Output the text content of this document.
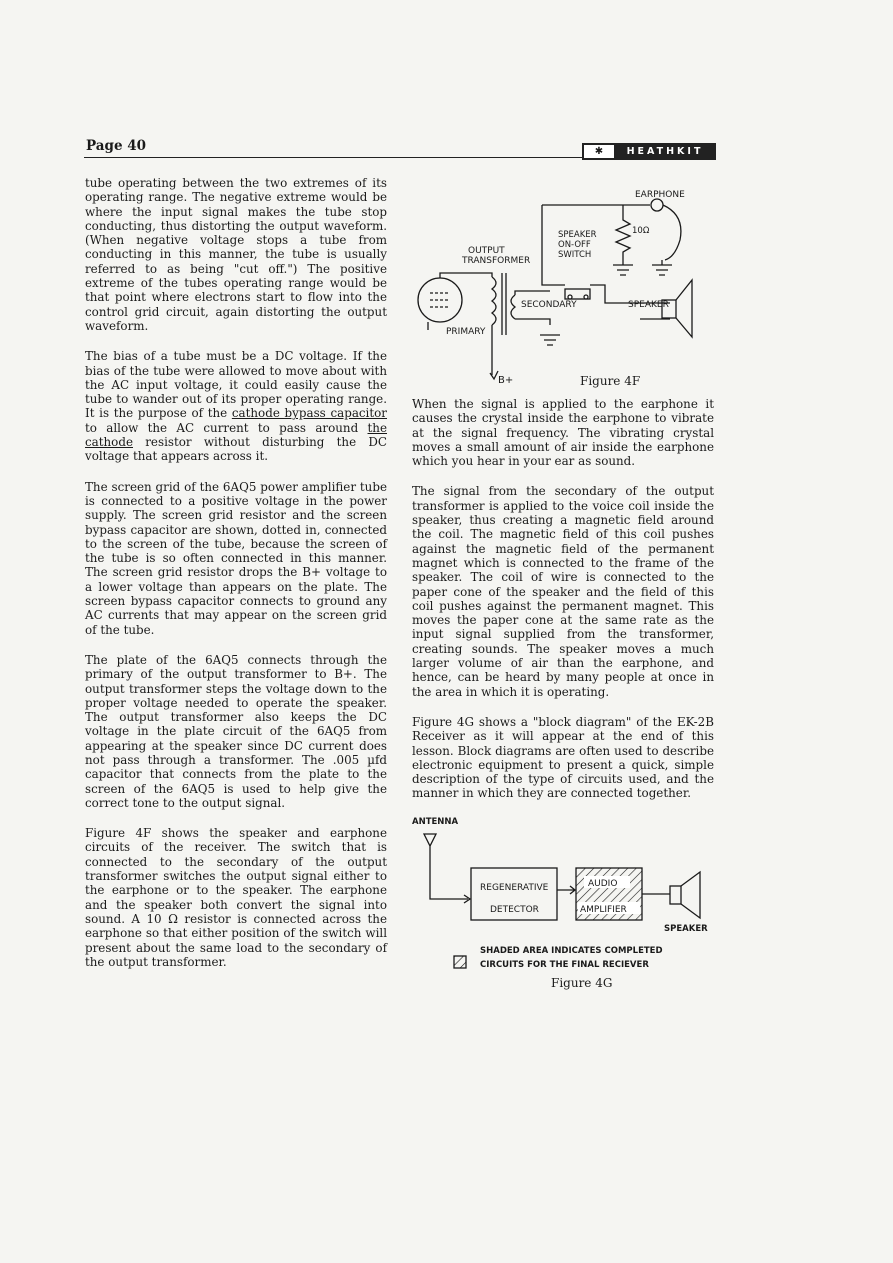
Page 40	✱	HEATHKIT

tube operating between the two extremes of its operating range. The negative extreme would be where the input signal makes the tube stop conducting, thus distorting the output waveform. (When negative voltage stops a tube from conducting in this manner, the tube is usually referred to as being "cut off.") The positive extreme of the tubes operating range would be that point where electrons start to flow into the control grid circuit, again distorting the output waveform.

The bias of a tube must be a DC voltage. If the bias of the tube were allowed to move about with the AC input voltage, it could easily cause the tube to wander out of its proper operating range. It is the purpose of the cathode bypass capacitor to allow the AC current to pass around the cathode resistor without disturbing the DC voltage that appears across it.

The screen grid of the 6AQ5 power amplifier tube is connected to a positive voltage in the power supply. The screen grid resistor and the screen bypass capacitor are shown, dotted in, connected to the screen of the tube, because the screen of the tube is so often connected in this manner. The screen grid resistor drops the B+ voltage to a lower voltage than appears on the plate. The screen bypass capacitor connects to ground any AC currents that may appear on the screen grid of the tube.

The plate of the 6AQ5 connects through the primary of the output transformer to B+. The output transformer steps the voltage down to the proper voltage needed to operate the speaker. The output transformer also keeps the DC voltage in the plate circuit of the 6AQ5 from appearing at the speaker since DC current does not pass through a transformer. The .005 µfd capacitor that connects from the plate to the screen of the 6AQ5 is used to help give the correct tone to the output signal.

Figure 4F shows the speaker and earphone circuits of the receiver. The switch that is connected to the secondary of the output transformer switches the output signal either to the earphone or to the speaker. The earphone and the speaker both convert the signal into sound. A 10 Ω resistor is connected across the earphone so that either position of the switch will present about the same load to the secondary of the output transformer.

EARPHONE
SPEAKER
ON-OFF
SWITCH
10Ω
OUTPUT
TRANSFORMER
SECONDARY	SPEAKER
PRIMARY
B+	Figure 4F

When the signal is applied to the earphone it causes the crystal inside the earphone to vibrate at the signal frequency. The vibrating crystal moves a small amount of air inside the earphone which you hear in your ear as sound.

The signal from the secondary of the output transformer is applied to the voice coil inside the speaker, thus creating a magnetic field around the coil. The magnetic field of this coil pushes against the magnetic field of the permanent magnet which is connected to the frame of the speaker. The coil of wire is connected to the paper cone of the speaker and the field of this coil pushes against the permanent magnet. This moves the paper cone at the same rate as the input signal supplied from the transformer, creating sounds. The speaker moves a much larger volume of air than the earphone, and hence, can be heard by many people at once in the area in which it is operating.

Figure 4G shows a "block diagram" of the EK-2B Receiver as it will appear at the end of this lesson. Block diagrams are often used to describe electronic equipment to present a quick, simple description of the type of circuits used, and the manner in which they are connected together.

ANTENNA
REGENERATIVE
DETECTOR
AUDIO
AMPLIFIER
SPEAKER
SHADED AREA INDICATES COMPLETED
CIRCUITS FOR THE FINAL RECIEVER
Figure 4G
